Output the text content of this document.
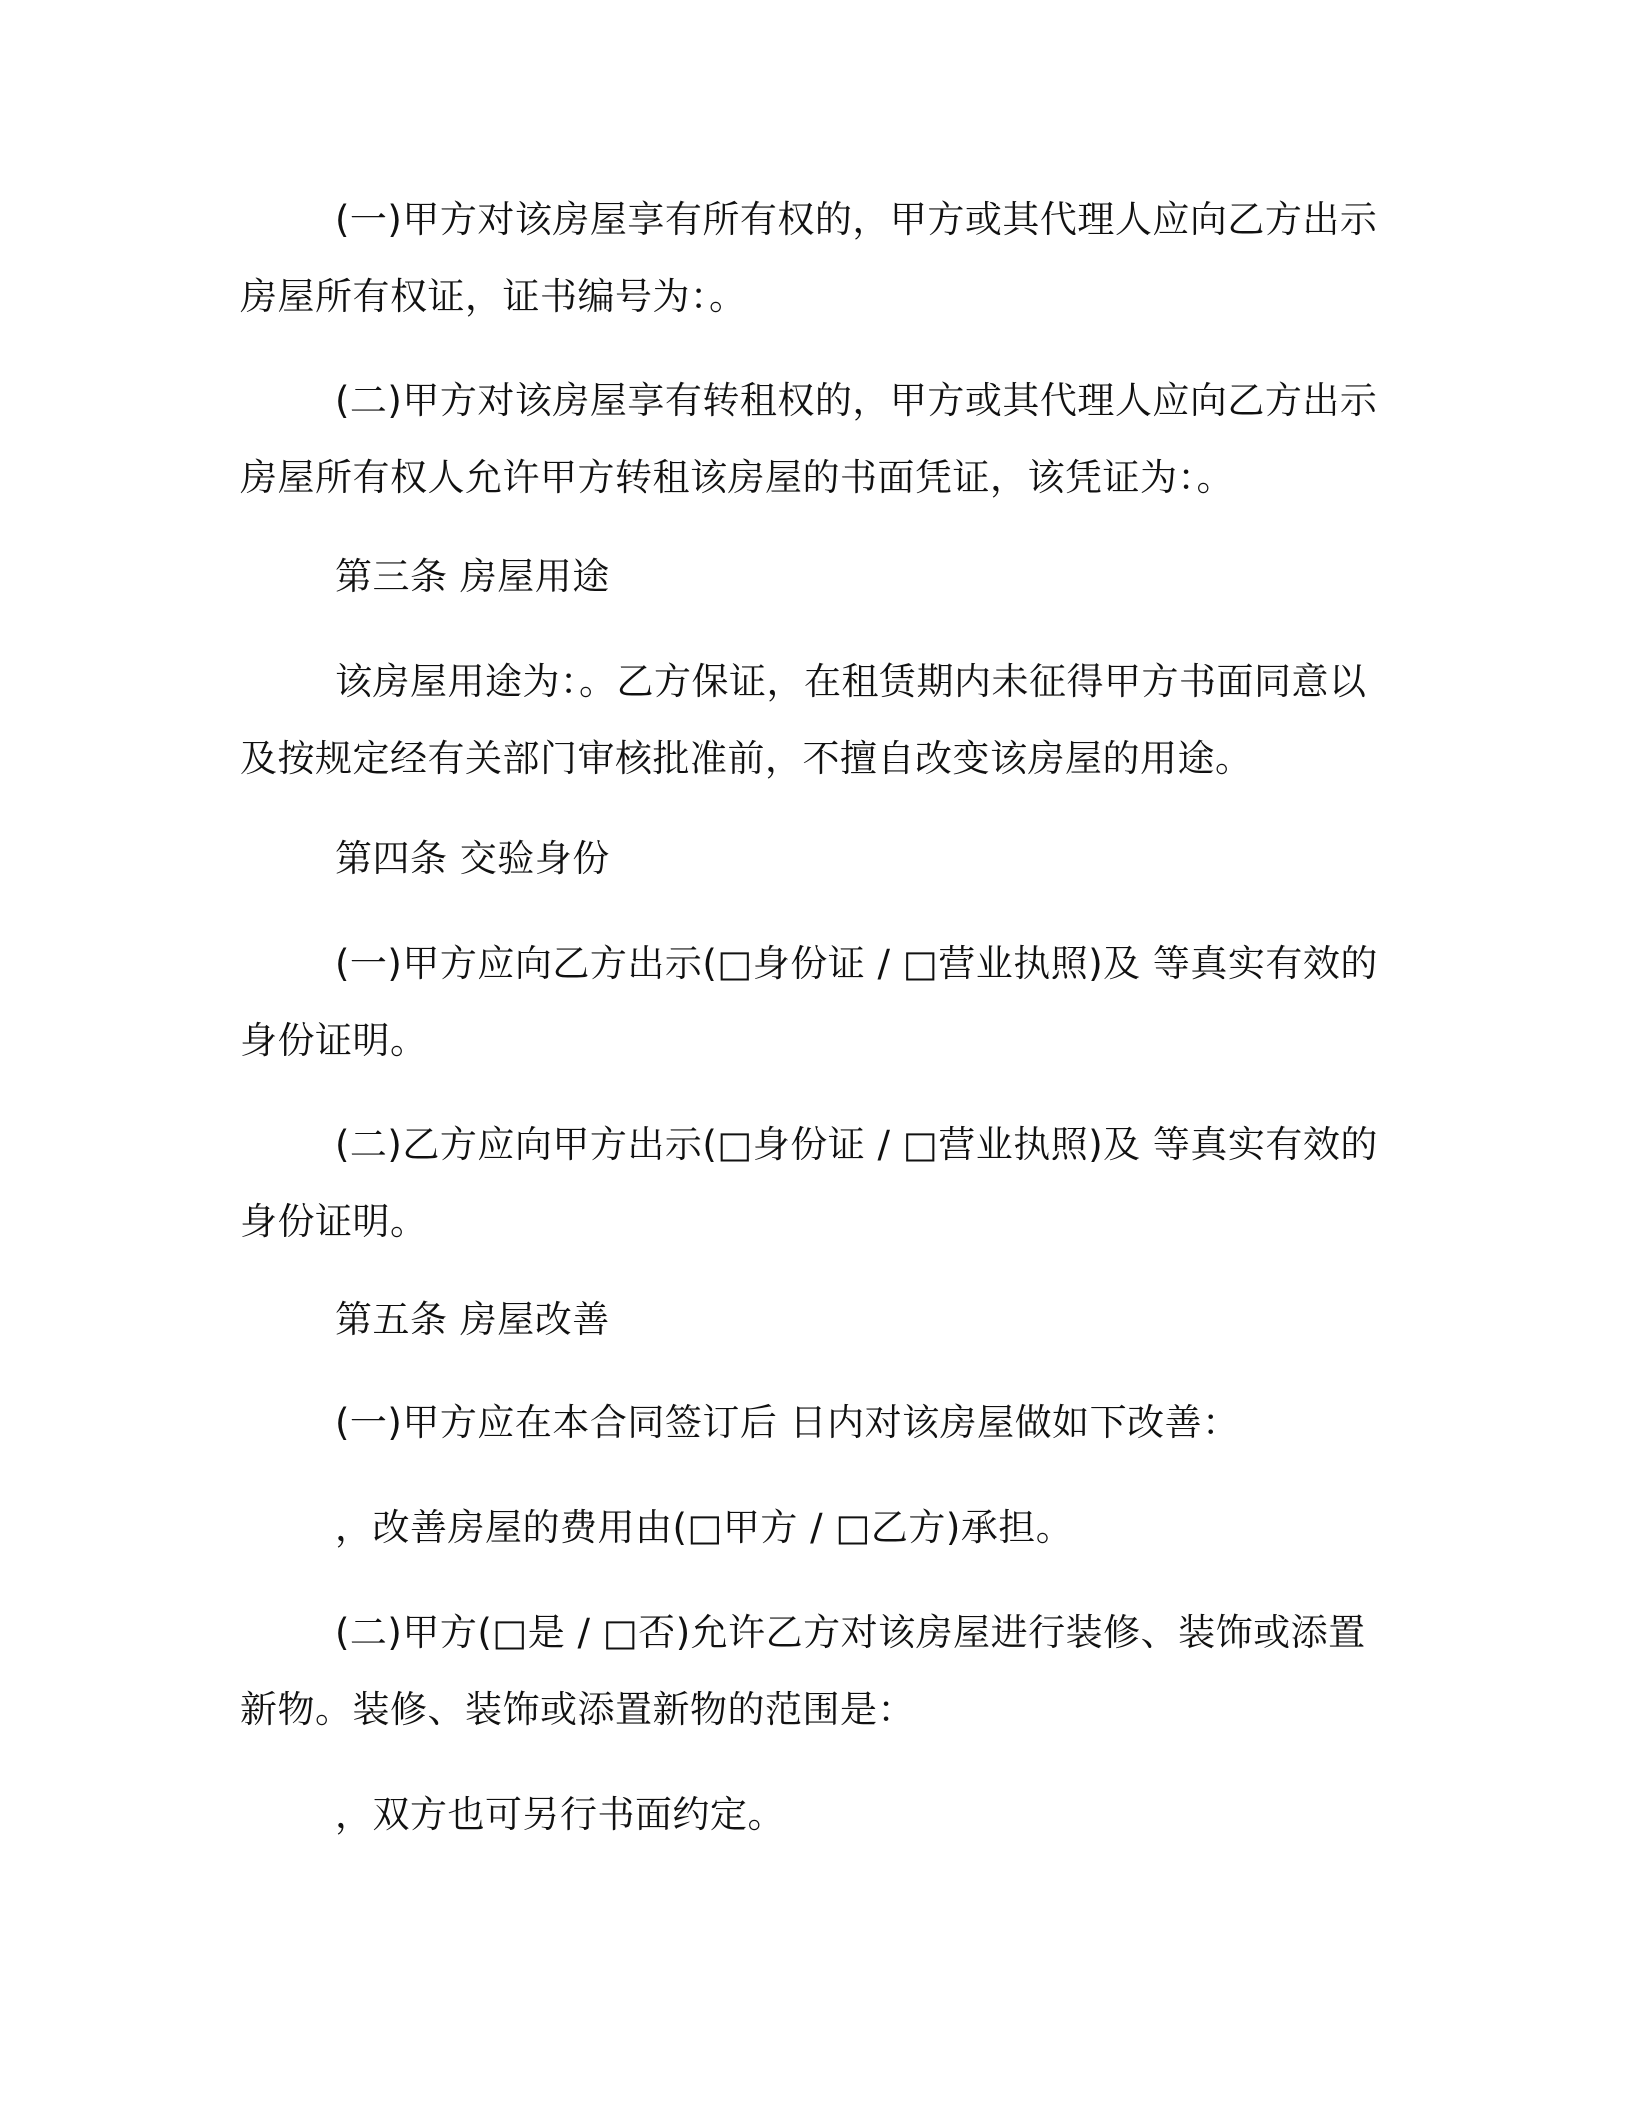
(一)甲方对该房屋享有所有权的，甲方或其代理人应向乙方出示房屋所有权证，证书编号为：。

(二)甲方对该房屋享有转租权的，甲方或其代理人应向乙方出示房屋所有权人允许甲方转租该房屋的书面凭证，该凭证为：。

第三条 房屋用途

该房屋用途为：。乙方保证，在租赁期内未征得甲方书面同意以及按规定经有关部门审核批准前，不擅自改变该房屋的用途。

第四条 交验身份

(一)甲方应向乙方出示(□身份证 / □营业执照)及 等真实有效的身份证明。

(二)乙方应向甲方出示(□身份证 / □营业执照)及 等真实有效的身份证明。

第五条 房屋改善

(一)甲方应在本合同签订后 日内对该房屋做如下改善：

，改善房屋的费用由(□甲方 / □乙方)承担。

(二)甲方(□是 / □否)允许乙方对该房屋进行装修、装饰或添置新物。装修、装饰或添置新物的范围是：

，双方也可另行书面约定。
